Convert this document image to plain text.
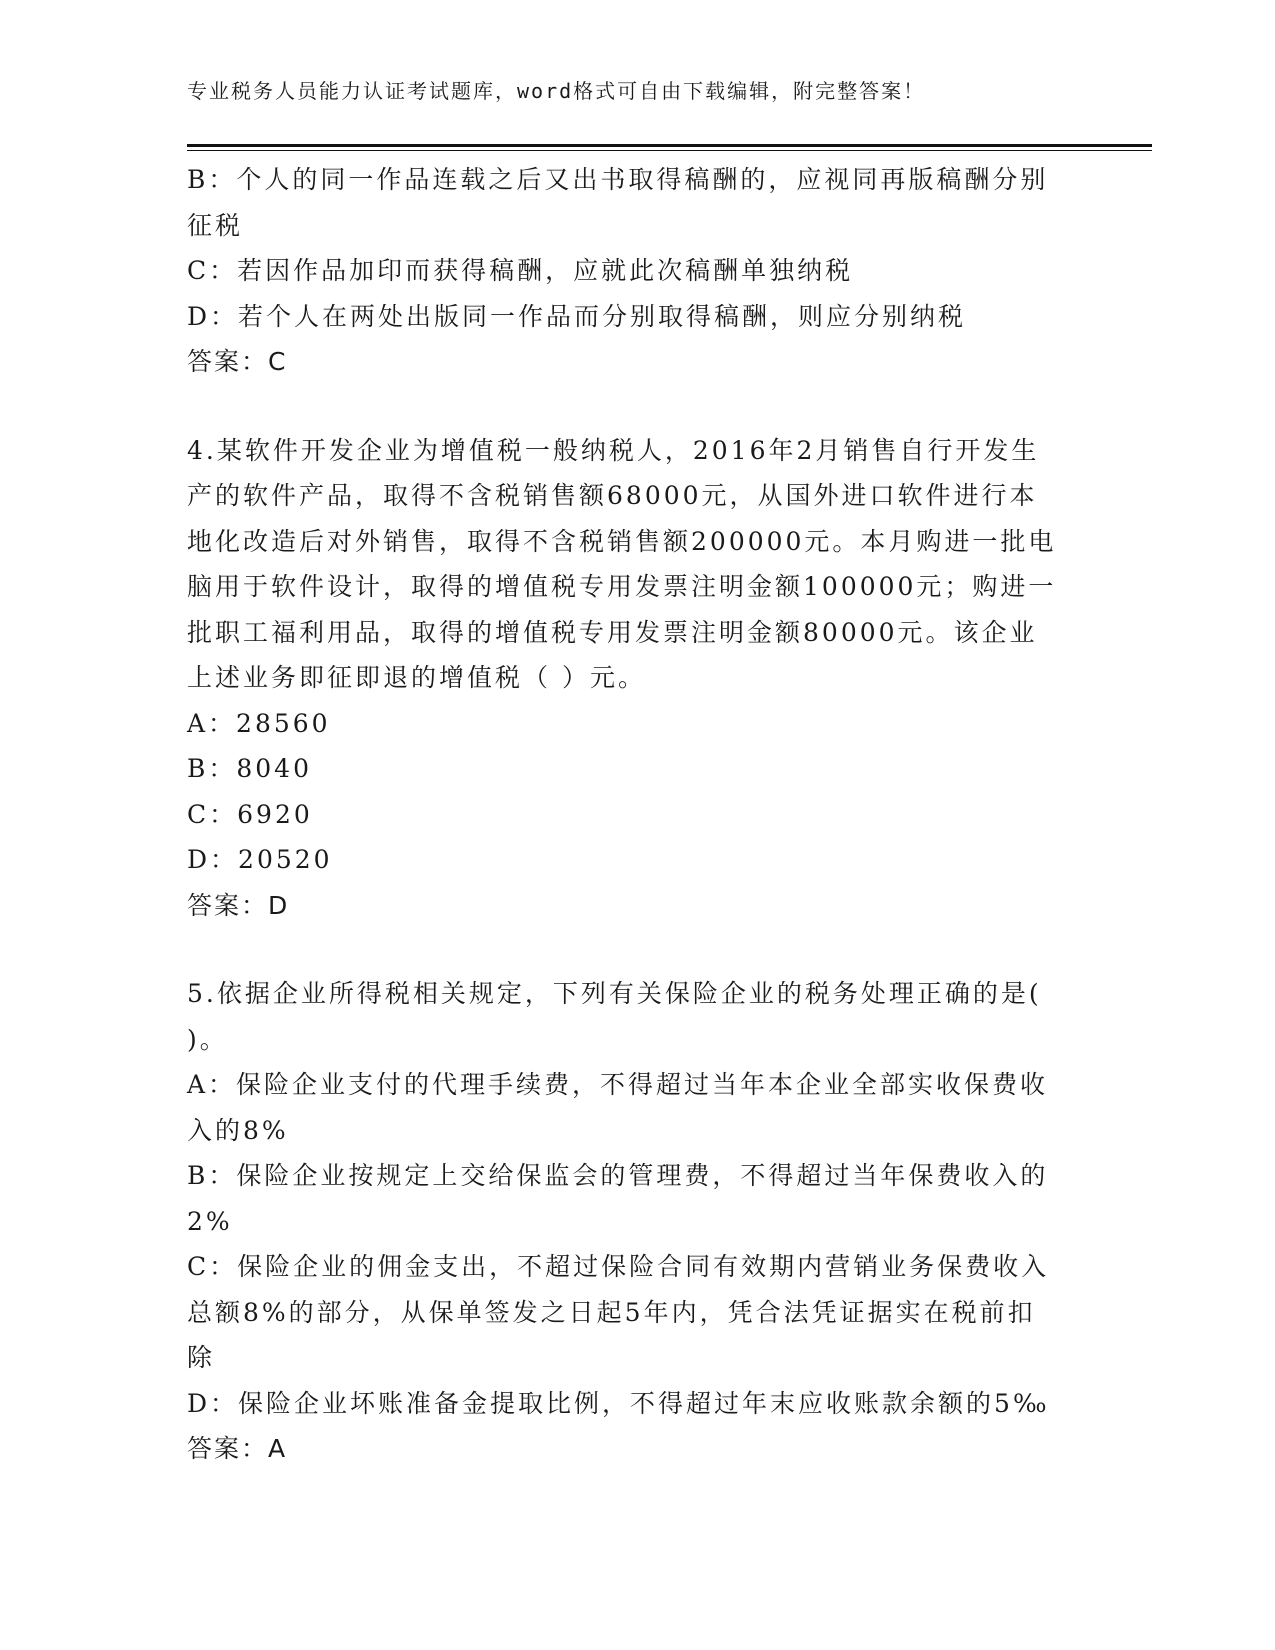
专业税务人员能力认证考试题库，word格式可自由下载编辑，附完整答案！
B：个人的同一作品连载之后又出书取得稿酬的，应视同再版稿酬分别
征税
C：若因作品加印而获得稿酬，应就此次稿酬单独纳税
D：若个人在两处出版同一作品而分别取得稿酬，则应分别纳税
答案：C
4.某软件开发企业为增值税一般纳税人，2016年2月销售自行开发生
产的软件产品，取得不含税销售额68000元，从国外进口软件进行本
地化改造后对外销售，取得不含税销售额200000元。本月购进一批电
脑用于软件设计，取得的增值税专用发票注明金额100000元；购进一
批职工福利用品，取得的增值税专用发票注明金额80000元。该企业
上述业务即征即退的增值税（ ）元。
A：28560
B：8040
C：6920
D：20520
答案：D
5.依据企业所得税相关规定，下列有关保险企业的税务处理正确的是(
)。
A：保险企业支付的代理手续费，不得超过当年本企业全部实收保费收
入的8%
B：保险企业按规定上交给保监会的管理费，不得超过当年保费收入的
2%
C：保险企业的佣金支出，不超过保险合同有效期内营销业务保费收入
总额8%的部分，从保单签发之日起5年内，凭合法凭证据实在税前扣
除
D：保险企业坏账准备金提取比例，不得超过年末应收账款余额的5‰
答案：A
